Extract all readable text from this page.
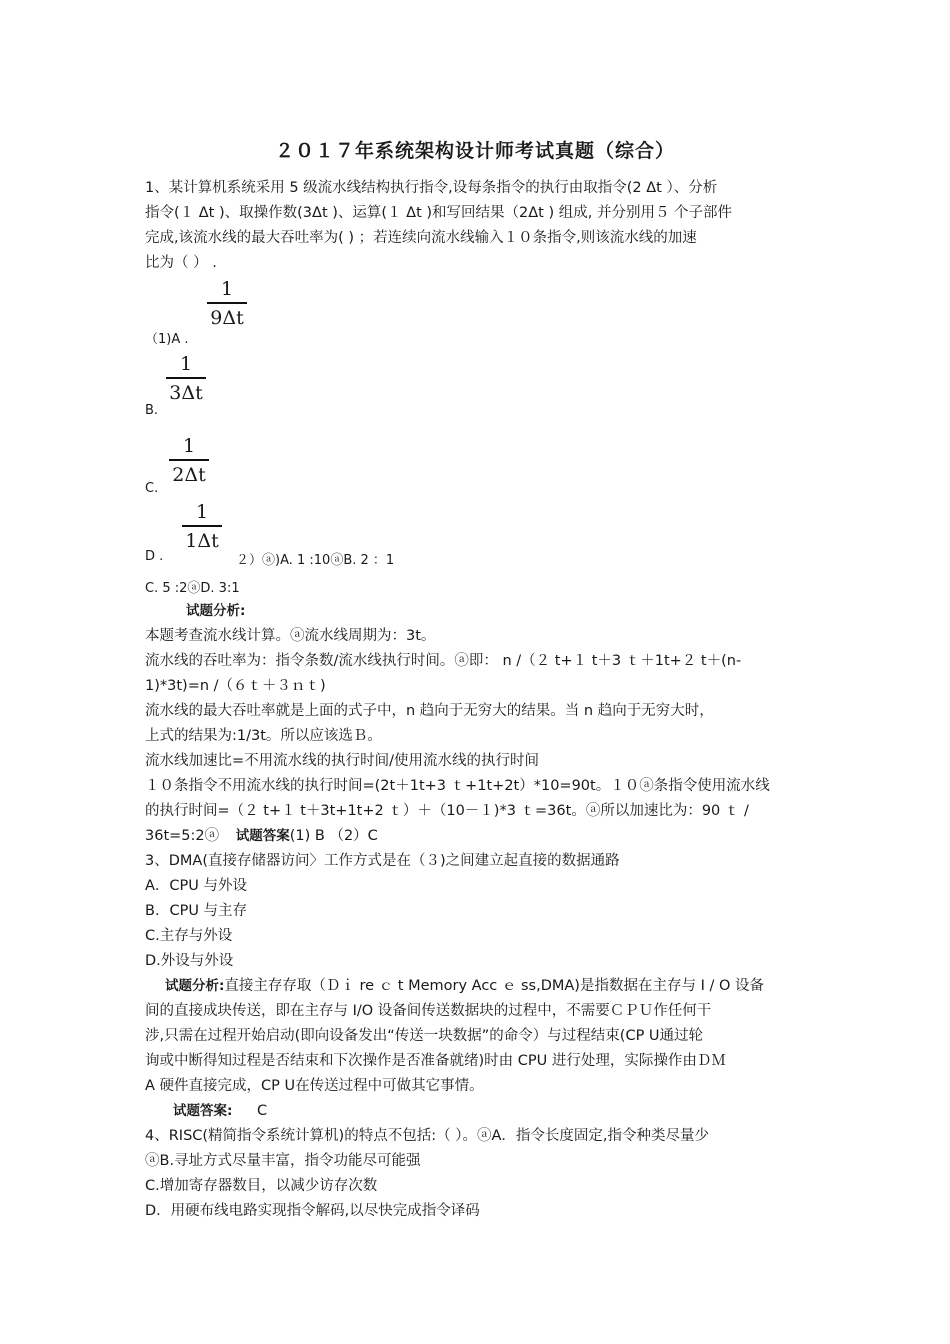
２０１７年系统架构设计师考试真题（综合）
1、某计算机系统采用 5 级流水线结构执行指令,设每条指令的执行由取指令(2 Δt ）、分析
指令(１ Δt )、取操作数(3Δt )、运算(１ Δt )和写回结果（2Δt ) 组成, 并分别用５ 个子部件
完成,该流水线的最大吞吐率为( ) ；若连续向流水线输入１０条指令,则该流水线的加速
比为（ ） .
1
9Δt
（1)A .
1
3Δt
B.
1
2Δt
C.
1
1Δt
D .	２）ⓐ)A. 1 :10ⓐB. 2 ：1
C. 5 :2ⓐD. 3:1
试题分析:
本题考查流水线计算。ⓐ流水线周期为：3t。
流水线的吞吐率为：指令条数/流水线执行时间。ⓐ即： n /（２ t+１ t＋3 ｔ＋1t+２ t＋(n-
1)*3t)=n /（６ｔ＋３ｎｔ)
流水线的最大吞吐率就是上面的式子中，n 趋向于无穷大的结果。当 n 趋向于无穷大时，
上式的结果为:1/3t。所以应该选Ｂ。
流水线加速比=不用流水线的执行时间/使用流水线的执行时间
１０条指令不用流水线的执行时间=(2t＋1t+3 ｔ+1t+2t）*10=90t。１０ⓐ条指令使用流水线
的执行时间=（２ t+１ t＋3t+1t+2 ｔ）＋（10－１)*3 ｔ=36t。ⓐ所以加速比为：90 ｔ /
36t=5:2ⓐ 试题答案(1) B （2）C
3、DMA(直接存储器访问〉工作方式是在（３)之间建立起直接的数据通路
A．CPU 与外设
B．CPU 与主存
C.主存与外设
D.外设与外设
试题分析:直接主存存取（Ｄｉ re ｃ t Memory Acc ｅ ss,DMA)是指数据在主存与 I / O 设备
间的直接成块传送，即在主存与 I/O 设备间传送数据块的过程中，不需要ＣＰＵ作任何干
涉,只需在过程开始启动(即向设备发出“传送一块数据”的命令）与过程结束(CP U通过轮
询或中断得知过程是否结束和下次操作是否准备就绪)时由 CPU 进行处理，实际操作由ＤＭ
A 硬件直接完成，CP U在传送过程中可做其它事情。
试题答案: C
4、RISC(精简指令系统计算机)的特点不包括:（ ）。ⓐA．指令长度固定,指令种类尽量少
ⓐB.寻址方式尽量丰富，指令功能尽可能强
C.增加寄存器数目，以减少访存次数
D．用硬布线电路实现指令解码,以尽快完成指令译码
